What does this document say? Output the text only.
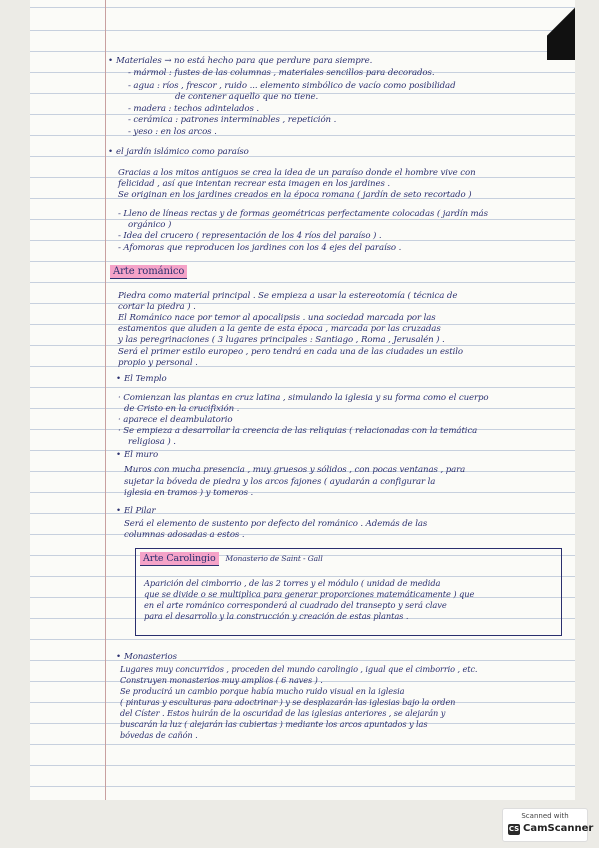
• Materiales → no está hecho para que perdure para siempre.
- mármol : fustes de las columnas , materiales sencillos para decorados.
- agua : ríos , frescor , ruido ... elemento simbólico de vacío como posibilidad
de contener aquello que no tiene.
- madera : techos adintelados .
- cerámica : patrones interminables , repetición .
- yeso : en los arcos .
• el jardín islámico como paraíso
Gracias a los mitos antiguos se crea la idea de un paraíso donde el hombre vive con
felicidad , así que intentan recrear esta imagen en los jardines .
Se originan en los jardines creados en la época romana ( jardín de seto recortado )
- Lleno de líneas rectas y de formas geométricas perfectamente colocadas ( jardín más
orgánico )
- Idea del crucero ( representación de los 4 ríos del paraíso ) .
- Afomoras que reproducen los jardines con los 4 ejes del paraíso .
Arte románico
Piedra como material principal . Se empieza a usar la estereotomía ( técnica de
cortar la piedra ) .
El Románico nace por temor al apocalipsis . una sociedad marcada por las
estamentos que aluden a la gente de esta época , marcada por las cruzadas
y las peregrinaciones ( 3 lugares principales : Santiago , Roma , Jerusalén ) .
Será el primer estilo europeo , pero tendrá en cada una de las ciudades un estilo
propio y personal .
• El Templo
· Comienzan las plantas en cruz latina , simulando la iglesia y su forma como el cuerpo
de Cristo en la crucifixión .
· aparece el deambulatorio
· Se empieza a desarrollar la creencia de las reliquias ( relacionadas con la temática
religiosa ) .
• El muro
Muros con mucha presencia , muy gruesos y sólidos , con pocas ventanas , para
sujetar la bóveda de piedra y los arcos fajones ( ayudarán a configurar la
iglesia en tramos ) y tomeros .
• El Pilar
Será el elemento de sustento por defecto del románico . Además de las
columnas adosadas a estos .
Arte Carolingio Monasterio de Saint - Gall
Aparición del cimborrio , de las 2 torres y el módulo ( unidad de medida
que se divide o se multiplica para generar proporciones matemáticamente ) que
en el arte románico corresponderá al cuadrado del transepto y será clave
para el desarrollo y la construcción y creación de estas plantas .
• Monasterios
Lugares muy concurridos , proceden del mundo carolingio , igual que el cimborrio , etc.
Construyen monasterios muy amplios ( 6 naves ) .
Se producirá un cambio porque había mucho ruido visual en la iglesia
( pinturas y esculturas para adoctrinar ) y se desplazarán las iglesias bajo la orden
del Císter . Estos huirán de la oscuridad de las iglesias anteriores , se alejarán y
buscarán la luz ( alejarán las cubiertas ) mediante los arcos apuntados y las
bóvedas de cañón .
Scanned with
CS CamScanner
